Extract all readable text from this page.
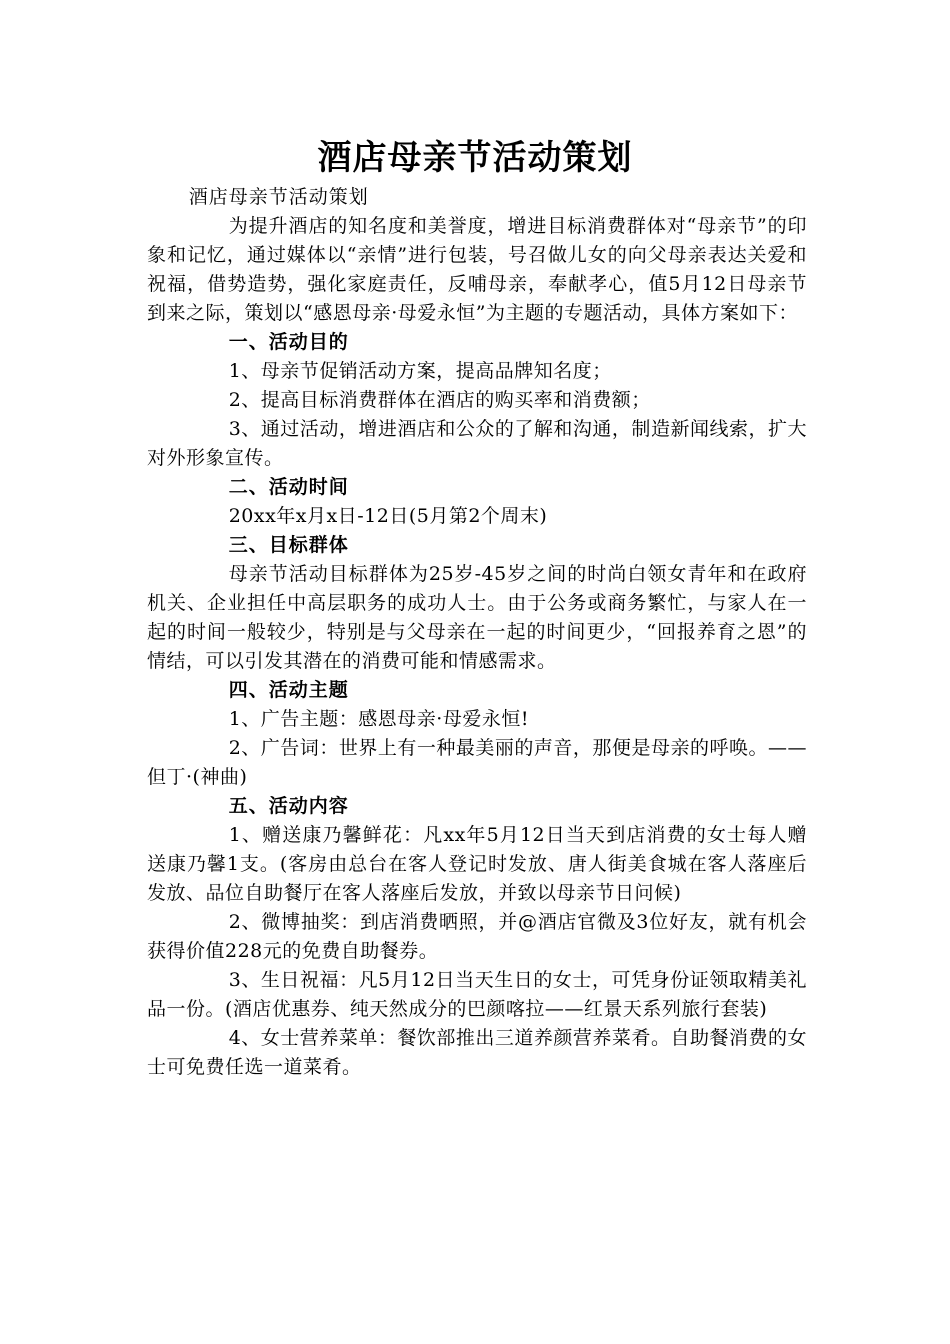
酒店母亲节活动策划

酒店母亲节活动策划

为提升酒店的知名度和美誉度，增进目标消费群体对“母亲节”的印象和记忆，通过媒体以“亲情”进行包装，号召做儿女的向父母亲表达关爱和祝福，借势造势，强化家庭责任，反哺母亲，奉献孝心，值5月12日母亲节到来之际，策划以“感恩母亲·母爱永恒”为主题的专题活动，具体方案如下：

一、活动目的

1、母亲节促销活动方案，提高品牌知名度；

2、提高目标消费群体在酒店的购买率和消费额；

3、通过活动，增进酒店和公众的了解和沟通，制造新闻线索，扩大对外形象宣传。

二、活动时间

20xx年x月x日-12日(5月第2个周末)

三、目标群体

母亲节活动目标群体为25岁-45岁之间的时尚白领女青年和在政府机关、企业担任中高层职务的成功人士。由于公务或商务繁忙，与家人在一起的时间一般较少，特别是与父母亲在一起的时间更少，“回报养育之恩”的情结，可以引发其潜在的消费可能和情感需求。

四、活动主题

1、广告主题：感恩母亲·母爱永恒!

2、广告词：世界上有一种最美丽的声音，那便是母亲的呼唤。——但丁·(神曲)

五、活动内容

1、赠送康乃馨鲜花：凡xx年5月12日当天到店消费的女士每人赠送康乃馨1支。(客房由总台在客人登记时发放、唐人街美食城在客人落座后发放、品位自助餐厅在客人落座后发放，并致以母亲节日问候)

2、微博抽奖：到店消费晒照，并@酒店官微及3位好友，就有机会获得价值228元的免费自助餐券。

3、生日祝福：凡5月12日当天生日的女士，可凭身份证领取精美礼品一份。(酒店优惠券、纯天然成分的巴颜喀拉——红景天系列旅行套装)

4、女士营养菜单：餐饮部推出三道养颜营养菜肴。自助餐消费的女士可免费任选一道菜肴。
